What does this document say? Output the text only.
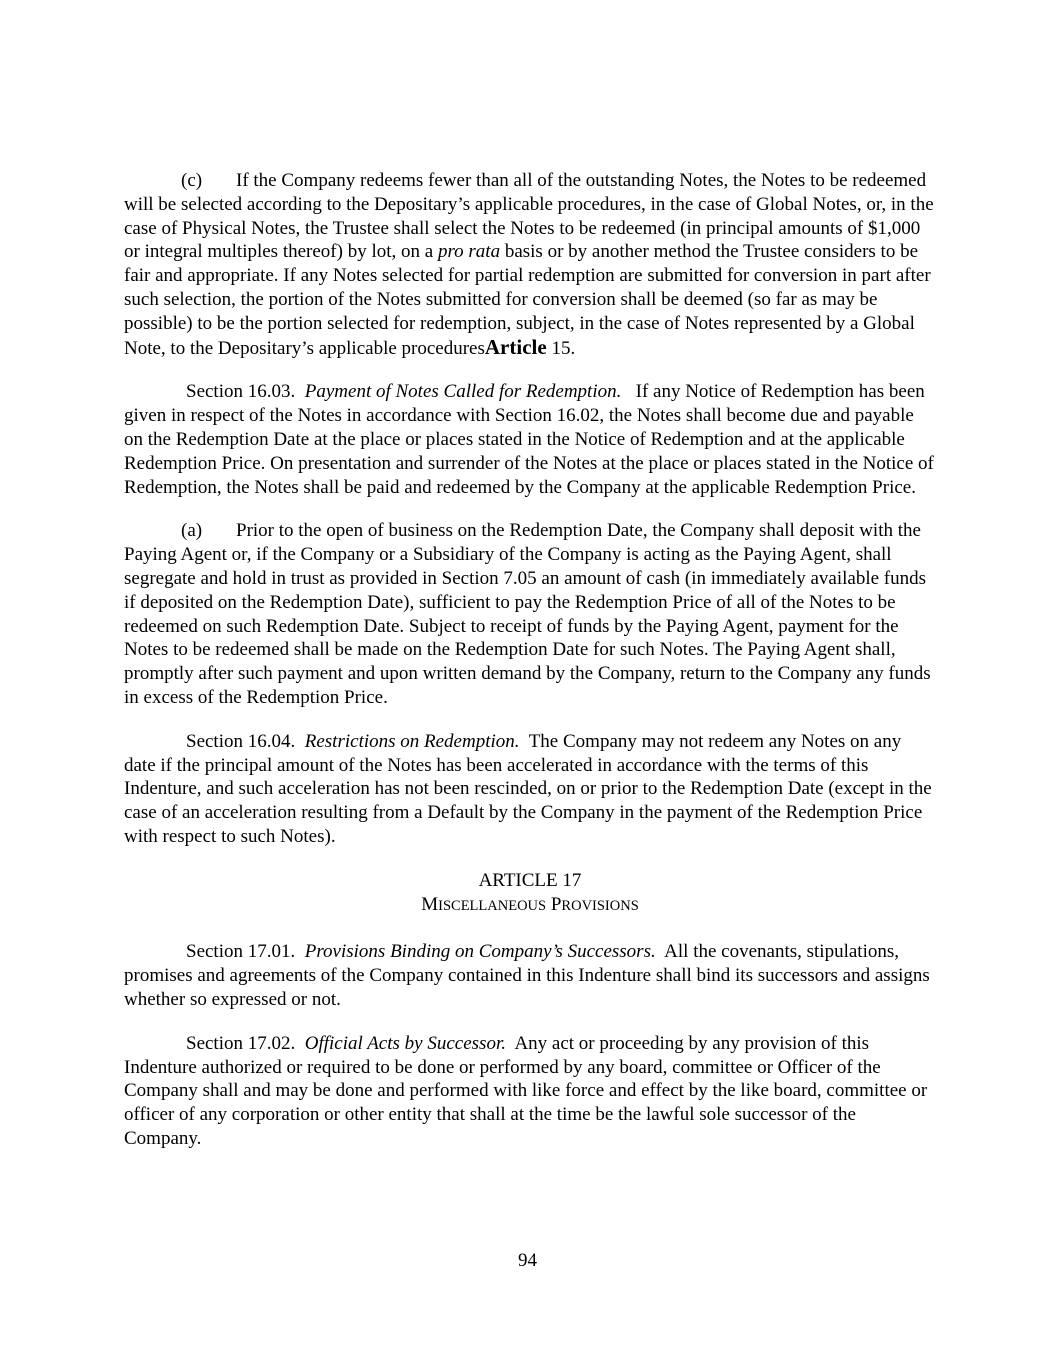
(c) If the Company redeems fewer than all of the outstanding Notes, the Notes to be redeemed will be selected according to the Depositary’s applicable procedures, in the case of Global Notes, or, in the case of Physical Notes, the Trustee shall select the Notes to be redeemed (in principal amounts of $1,000 or integral multiples thereof) by lot, on a pro rata basis or by another method the Trustee considers to be fair and appropriate. If any Notes selected for partial redemption are submitted for conversion in part after such selection, the portion of the Notes submitted for conversion shall be deemed (so far as may be possible) to be the portion selected for redemption, subject, in the case of Notes represented by a Global Note, to the Depositary’s applicable proceduresArticle 15.

Section 16.03. Payment of Notes Called for Redemption. If any Notice of Redemption has been given in respect of the Notes in accordance with Section 16.02, the Notes shall become due and payable on the Redemption Date at the place or places stated in the Notice of Redemption and at the applicable Redemption Price. On presentation and surrender of the Notes at the place or places stated in the Notice of Redemption, the Notes shall be paid and redeemed by the Company at the applicable Redemption Price.

(a) Prior to the open of business on the Redemption Date, the Company shall deposit with the Paying Agent or, if the Company or a Subsidiary of the Company is acting as the Paying Agent, shall segregate and hold in trust as provided in Section 7.05 an amount of cash (in immediately available funds if deposited on the Redemption Date), sufficient to pay the Redemption Price of all of the Notes to be redeemed on such Redemption Date. Subject to receipt of funds by the Paying Agent, payment for the Notes to be redeemed shall be made on the Redemption Date for such Notes. The Paying Agent shall, promptly after such payment and upon written demand by the Company, return to the Company any funds in excess of the Redemption Price.

Section 16.04. Restrictions on Redemption. The Company may not redeem any Notes on any date if the principal amount of the Notes has been accelerated in accordance with the terms of this Indenture, and such acceleration has not been rescinded, on or prior to the Redemption Date (except in the case of an acceleration resulting from a Default by the Company in the payment of the Redemption Price with respect to such Notes).

ARTICLE 17

MISCELLANEOUS PROVISIONS

Section 17.01. Provisions Binding on Company’s Successors. All the covenants, stipulations, promises and agreements of the Company contained in this Indenture shall bind its successors and assigns whether so expressed or not.

Section 17.02. Official Acts by Successor. Any act or proceeding by any provision of this Indenture authorized or required to be done or performed by any board, committee or Officer of the Company shall and may be done and performed with like force and effect by the like board, committee or officer of any corporation or other entity that shall at the time be the lawful sole successor of the Company.

94
